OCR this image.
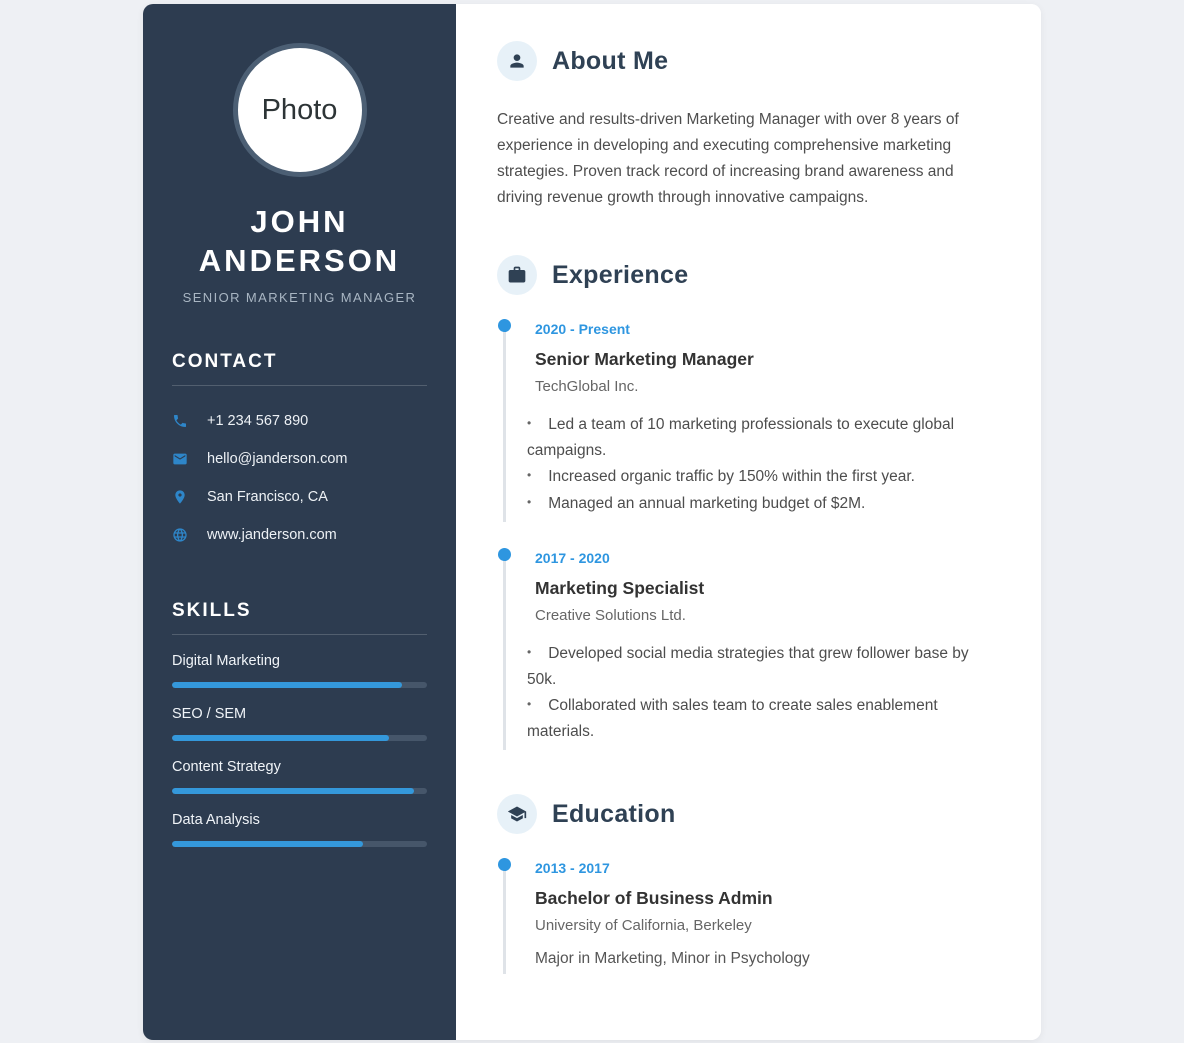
Photo
JOHN
ANDERSON
SENIOR MARKETING MANAGER
CONTACT
+1 234 567 890
hello@janderson.com
San Francisco, CA
www.janderson.com
SKILLS
Digital Marketing
SEO / SEM
Content Strategy
Data Analysis
About Me

Creative and results-driven Marketing Manager with over 8 years of experience in developing and executing comprehensive marketing strategies. Proven track record of increasing brand awareness and driving revenue growth through innovative campaigns.

Experience
2020 - Present
Senior Marketing Manager
TechGlobal Inc.
• Led a team of 10 marketing professionals to execute global campaigns.
• Increased organic traffic by 150% within the first year.
• Managed an annual marketing budget of $2M.
2017 - 2020
Marketing Specialist
Creative Solutions Ltd.
• Developed social media strategies that grew follower base by 50k.
• Collaborated with sales team to create sales enablement materials.
Education
2013 - 2017
Bachelor of Business Admin
University of California, Berkeley
Major in Marketing, Minor in Psychology
